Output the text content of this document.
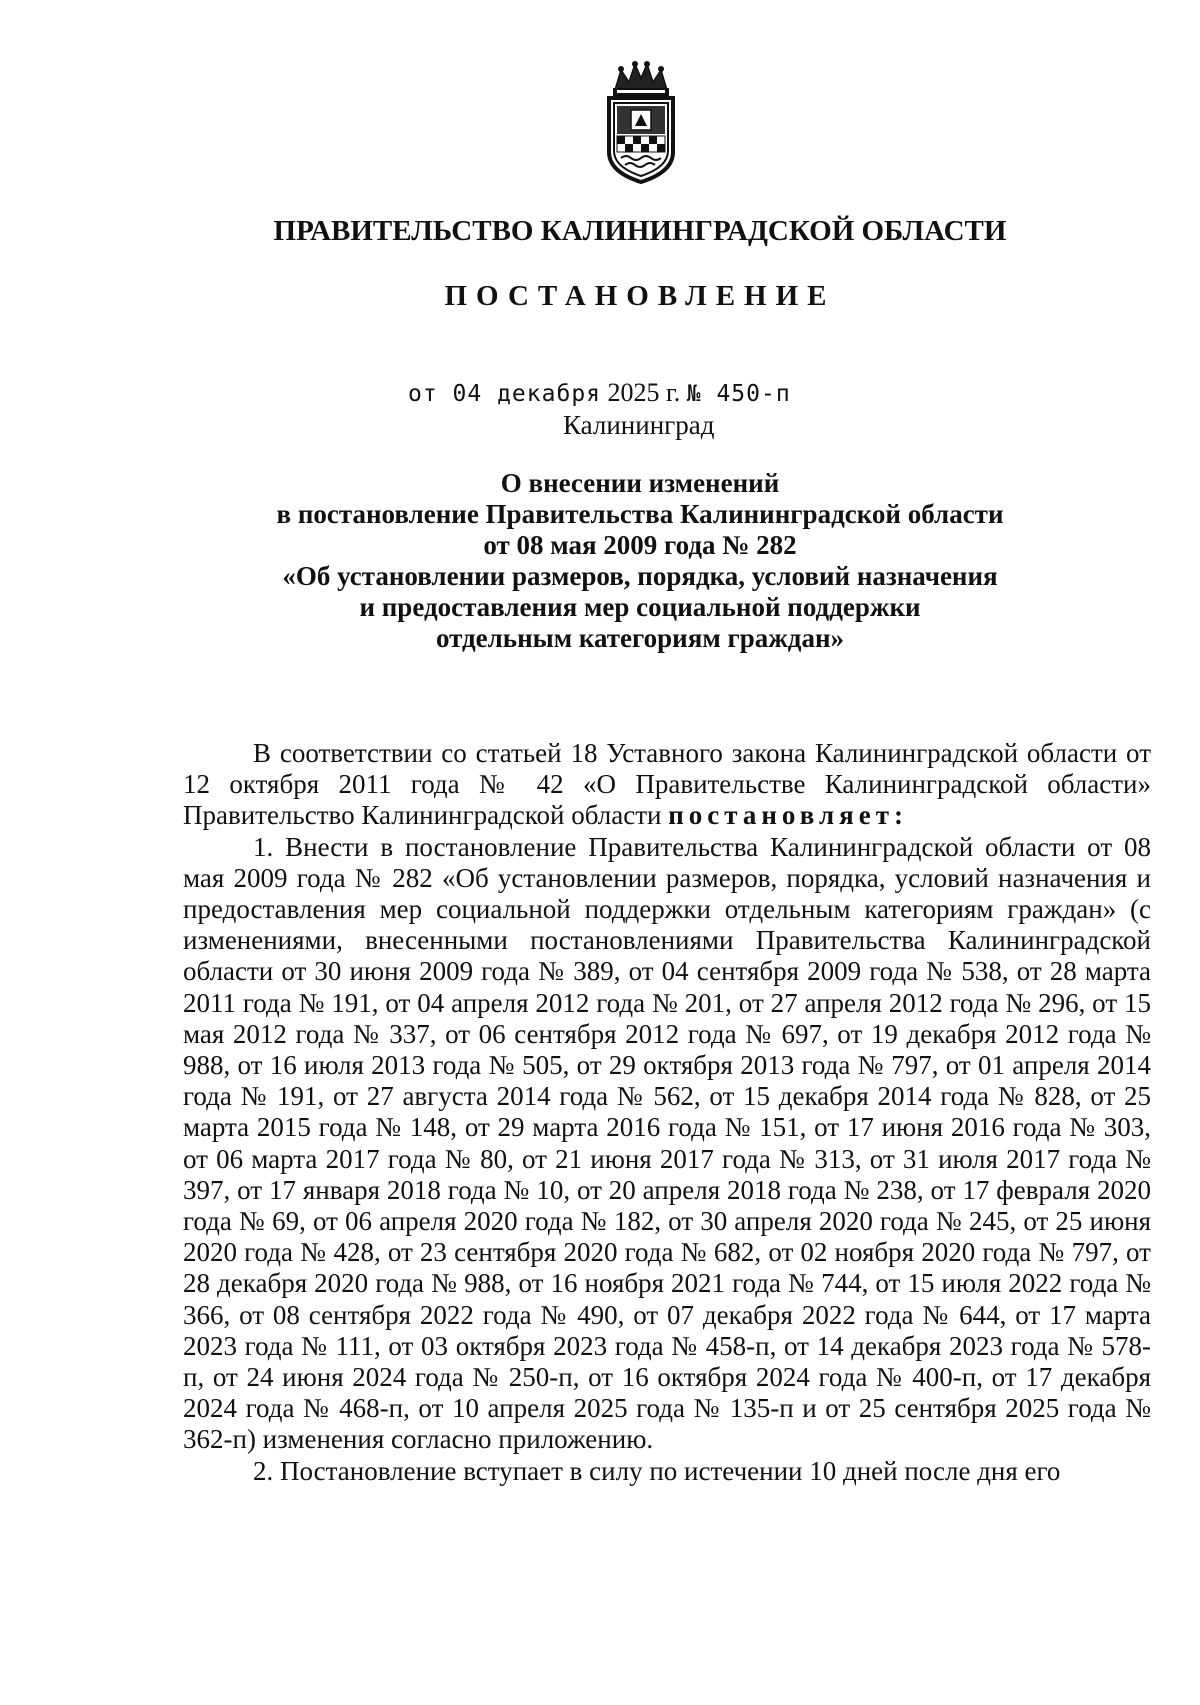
ПРАВИТЕЛЬСТВО КАЛИНИНГРАДСКОЙ ОБЛАСТИ
ПОСТАНОВЛЕНИЕ
от 04 декабря 2025 г. № 450-п
Калининград
О внесении изменений
в постановление Правительства Калининградской области
от 08 мая 2009 года № 282
«Об установлении размеров, порядка, условий назначения
и предоставления мер социальной поддержки
отдельным категориям граждан»

В соответствии со статьей 18 Уставного закона Калининградской области от 12 октября 2011 года № 42 «О Правительстве Калининградской области» Правительство Калининградской области постановляет:

1. Внести в постановление Правительства Калининградской области от 08 мая 2009 года № 282 «Об установлении размеров, порядка, условий назначения и предоставления мер социальной поддержки отдельным категориям граждан» (с изменениями, внесенными постановлениями Правительства Калининградской области от 30 июня 2009 года № 389, от 04 сентября 2009 года № 538, от 28 марта 2011 года № 191, от 04 апреля 2012 года № 201, от 27 апреля 2012 года № 296, от 15 мая 2012 года № 337, от 06 сентября 2012 года № 697, от 19 декабря 2012 года № 988, от 16 июля 2013 года № 505, от 29 октября 2013 года № 797, от 01 апреля 2014 года № 191, от 27 августа 2014 года № 562, от 15 декабря 2014 года № 828, от 25 марта 2015 года № 148, от 29 марта 2016 года № 151, от 17 июня 2016 года № 303, от 06 марта 2017 года № 80, от 21 июня 2017 года № 313, от 31 июля 2017 года № 397, от 17 января 2018 года № 10, от 20 апреля 2018 года № 238, от 17 февраля 2020 года № 69, от 06 апреля 2020 года № 182, от 30 апреля 2020 года № 245, от 25 июня 2020 года № 428, от 23 сентября 2020 года № 682, от 02 ноября 2020 года № 797, от 28 декабря 2020 года № 988, от 16 ноября 2021 года № 744, от 15 июля 2022 года № 366, от 08 сентября 2022 года № 490, от 07 декабря 2022 года № 644, от 17 марта 2023 года № 111, от 03 октября 2023 года № 458-п, от 14 декабря 2023 года № 578-п, от 24 июня 2024 года № 250-п, от 16 октября 2024 года № 400-п, от 17 декабря 2024 года № 468-п, от 10 апреля 2025 года № 135-п и от 25 сентября 2025 года № 362-п) изменения согласно приложению.

2. Постановление вступает в силу по истечении 10 дней после дня его
